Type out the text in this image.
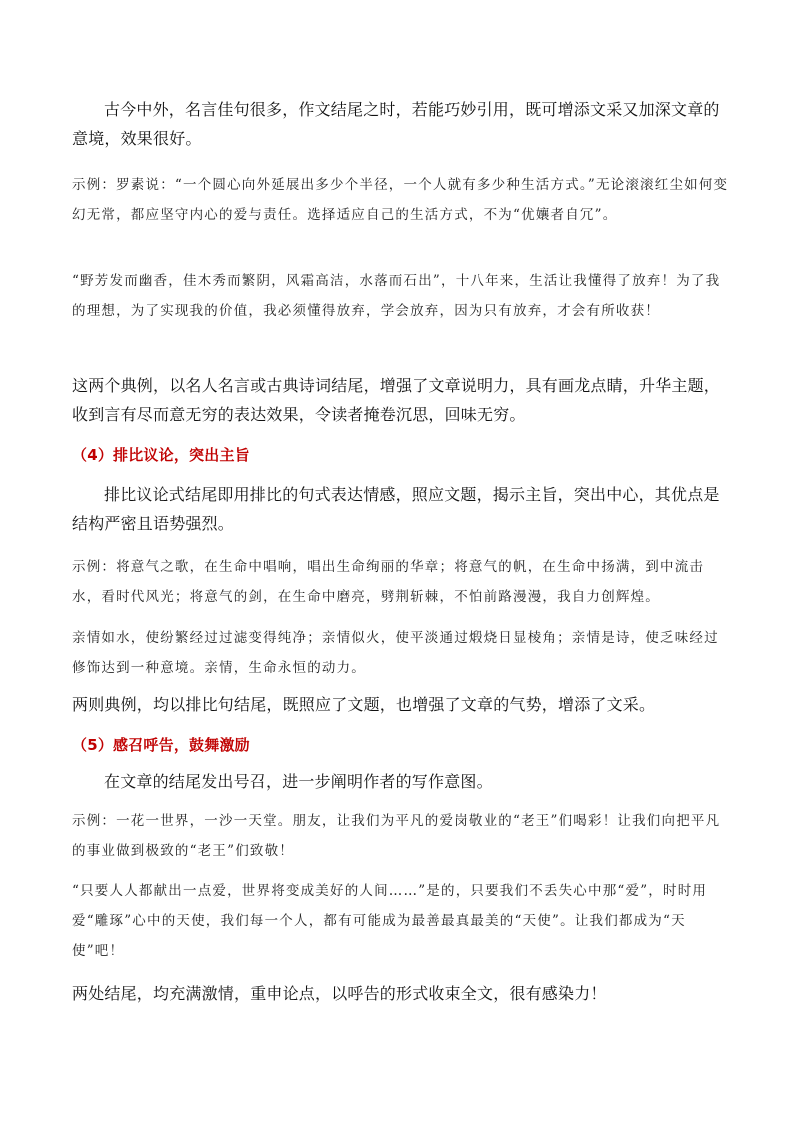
古今中外，名言佳句很多，作文结尾之时，若能巧妙引用，既可增添文采又加深文章的意境，效果很好。

示例：罗素说：“一个圆心向外延展出多少个半径，一个人就有多少种生活方式。”无论滚滚红尘如何变幻无常，都应坚守内心的爱与责任。选择适应自己的生活方式，不为“优孃者自冗”。

“野芳发而幽香，佳木秀而繁阴，风霜高洁，水落而石出”，十八年来，生活让我懂得了放弃！为了我的理想，为了实现我的价值，我必须懂得放弃，学会放弃，因为只有放弃，才会有所收获！

这两个典例，以名人名言或古典诗词结尾，增强了文章说明力，具有画龙点睛，升华主题，收到言有尽而意无穷的表达效果，令读者掩卷沉思，回味无穷。

（4）排比议论，突出主旨

排比议论式结尾即用排比的句式表达情感，照应文题，揭示主旨，突出中心，其优点是结构严密且语势强烈。

示例：将意气之歌，在生命中唱响，唱出生命绚丽的华章；将意气的帆，在生命中扬满，到中流击水，看时代风光；将意气的剑，在生命中磨亮，劈荆斩棘，不怕前路漫漫，我自力创辉煌。

亲情如水，使纷繁经过过滤变得纯净；亲情似火，使平淡通过煅烧日显棱角；亲情是诗，使乏味经过修饰达到一种意境。亲情，生命永恒的动力。

两则典例，均以排比句结尾，既照应了文题，也增强了文章的气势，增添了文采。

（5）感召呼告，鼓舞激励

在文章的结尾发出号召，进一步阐明作者的写作意图。

示例：一花一世界，一沙一天堂。朋友，让我们为平凡的爱岗敬业的“老王”们喝彩！让我们向把平凡的事业做到极致的“老王”们致敬！

“只要人人都献出一点爱，世界将变成美好的人间……”是的，只要我们不丢失心中那“爱”，时时用爱“雕琢”心中的天使，我们每一个人，都有可能成为最善最真最美的“天使”。让我们都成为“天使”吧！

两处结尾，均充满激情，重申论点，以呼告的形式收束全文，很有感染力！
